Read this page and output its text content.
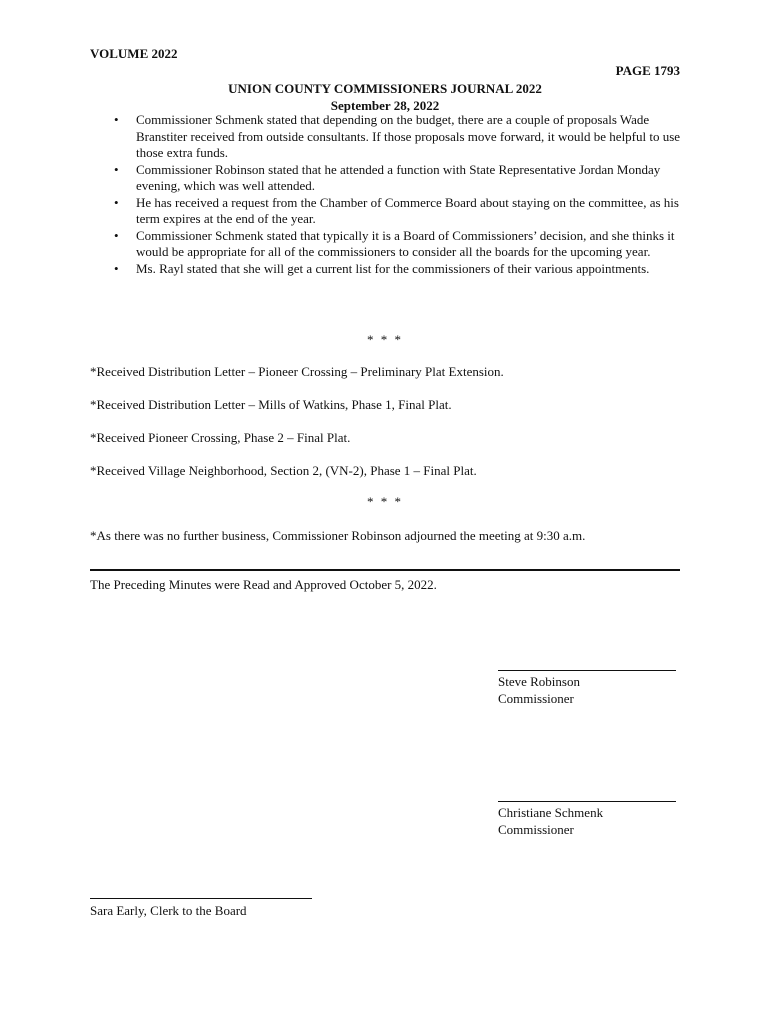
VOLUME 2022
PAGE 1793
UNION COUNTY COMMISSIONERS JOURNAL 2022
September 28, 2022
• Commissioner Schmenk stated that depending on the budget, there are a couple of proposals Wade Branstiter received from outside consultants. If those proposals move forward, it would be helpful to use those extra funds.
• Commissioner Robinson stated that he attended a function with State Representative Jordan Monday evening, which was well attended.
• He has received a request from the Chamber of Commerce Board about staying on the committee, as his term expires at the end of the year.
• Commissioner Schmenk stated that typically it is a Board of Commissioners’ decision, and she thinks it would be appropriate for all of the commissioners to consider all the boards for the upcoming year.
• Ms. Rayl stated that she will get a current list for the commissioners of their various appointments.
* * *
*Received Distribution Letter – Pioneer Crossing – Preliminary Plat Extension.
*Received Distribution Letter – Mills of Watkins, Phase 1, Final Plat.
*Received Pioneer Crossing, Phase 2 – Final Plat.
*Received Village Neighborhood, Section 2, (VN-2), Phase 1 – Final Plat.
* * *
*As there was no further business, Commissioner Robinson adjourned the meeting at 9:30 a.m.
The Preceding Minutes were Read and Approved October 5, 2022.
Steve Robinson
Commissioner
Christiane Schmenk
Commissioner
Sara Early, Clerk to the Board
